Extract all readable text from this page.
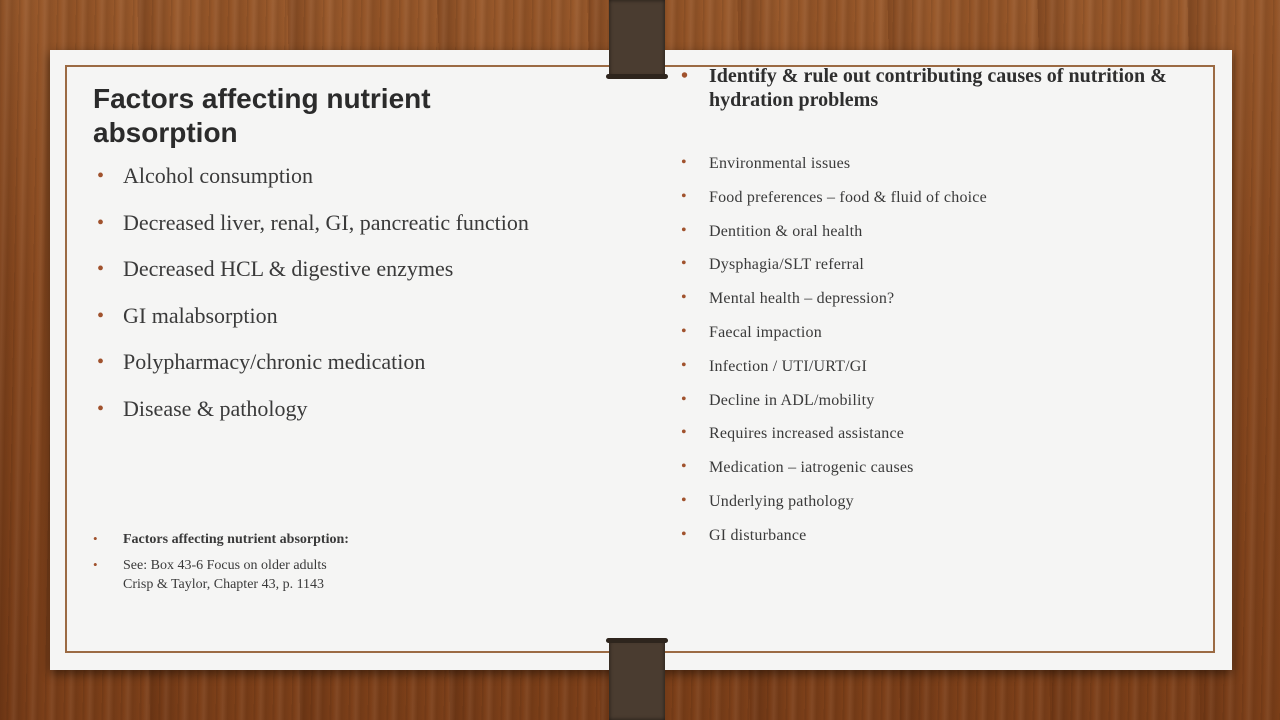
Factors affecting nutrient absorption
• Alcohol consumption
• Decreased liver, renal, GI, pancreatic function
• Decreased HCL & digestive enzymes
• GI malabsorption
• Polypharmacy/chronic medication
• Disease & pathology
• Factors affecting nutrient absorption:
• See: Box 43-6 Focus on older adults
Crisp & Taylor, Chapter 43, p. 1143
• Identify & rule out contributing causes of nutrition & hydration problems
• Environmental issues
• Food preferences – food & fluid of choice
• Dentition & oral health
• Dysphagia/SLT referral
• Mental health – depression?
• Faecal impaction
• Infection / UTI/URT/GI
• Decline in ADL/mobility
• Requires increased assistance
• Medication – iatrogenic causes
• Underlying pathology
• GI disturbance
